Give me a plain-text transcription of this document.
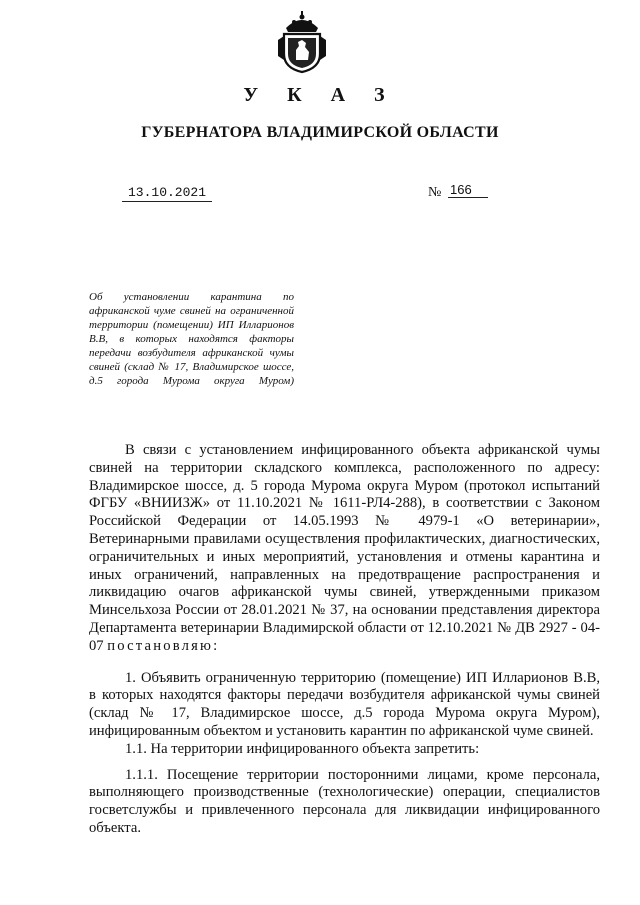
У К А З
ГУБЕРНАТОРА ВЛАДИМИРСКОЙ ОБЛАСТИ
13.10.2021	№ 166
Об установлении карантина по африканской чуме свиней на ограниченной территории (помещении) ИП Илларионов В.В, в которых находятся факторы передачи возбудителя африканской чумы свиней (склад № 17, Владимирское шоссе, д.5 города Мурома округа Муром)

В связи с установлением инфицированного объекта африканской чумы свиней на территории складского комплекса, расположенного по адресу: Владимирское шоссе, д. 5 города Мурома округа Муром (протокол испытаний ФГБУ «ВНИИЗЖ» от 11.10.2021 № 1611-РЛ4-288), в соответствии с Законом Российской Федерации от 14.05.1993 № 4979-1 «О ветеринарии», Ветеринарными правилами осуществления профилактических, диагностических, ограничительных и иных мероприятий, установления и отмены карантина и иных ограничений, направленных на предотвращение распространения и ликвидацию очагов африканской чумы свиней, утвержденными приказом Минсельхоза России от 28.01.2021 № 37, на основании представления директора Департамента ветеринарии Владимирской области от 12.10.2021 № ДВ 2927 - 04-07 постановляю:

1. Объявить ограниченную территорию (помещение) ИП Илларионов В.В, в которых находятся факторы передачи возбудителя африканской чумы свиней (склад № 17, Владимирское шоссе, д.5 города Мурома округа Муром), инфицированным объектом и установить карантин по африканской чуме свиней.

1.1. На территории инфицированного объекта запретить:

1.1.1. Посещение территории посторонними лицами, кроме персонала, выполняющего производственные (технологические) операции, специалистов госветслужбы и привлеченного персонала для ликвидации инфицированного объекта.
